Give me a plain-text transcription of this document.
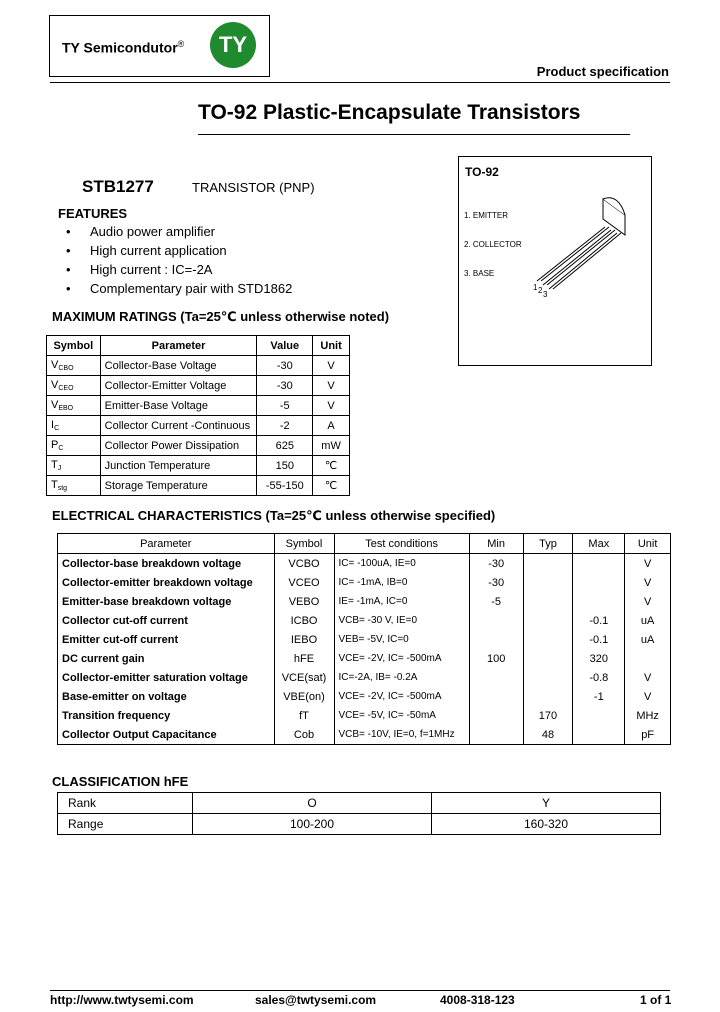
TY Semicondutor®	TY
Product specification
TO-92 Plastic-Encapsulate Transistors
STB1277	TRANSISTOR (PNP)
FEATURES
• Audio power amplifier
• High current application
• High current : IC=-2A
• Complementary pair with STD1862
TO-92
1. EMITTER
2. COLLECTOR
3. BASE
1 2 3
MAXIMUM RATINGS (Ta=25℃ unless otherwise noted)
Symbol	Parameter	Value	Unit
$V_{CBO}$	Collector-Base Voltage	-30	V
$V_{CEO}$	Collector-Emitter Voltage	-30	V
$V_{EBO}$	Emitter-Base Voltage	-5	V
$I_C$	Collector Current -Continuous	-2	A
$P_C$	Collector Power Dissipation	625	mW
$T_J$	Junction Temperature	150	℃
$T_{stg}$	Storage Temperature	-55-150	℃
ELECTRICAL CHARACTERISTICS (Ta=25℃ unless otherwise specified)
Parameter	Symbol	Test conditions	Min	Typ	Max	Unit
Collector-base breakdown voltage	VCBO	IC= -100uA, IE=0	-30			V
Collector-emitter breakdown voltage	VCEO	IC= -1mA, IB=0	-30			V
Emitter-base breakdown voltage	VEBO	IE= -1mA, IC=0	-5			V
Collector cut-off current	ICBO	VCB= -30 V, IE=0			-0.1	uA
Emitter cut-off current	IEBO	VEB= -5V, IC=0			-0.1	uA
DC current gain	hFE	VCE= -2V, IC= -500mA	100		320	
Collector-emitter saturation voltage	VCE(sat)	IC=-2A, IB= -0.2A			-0.8	V
Base-emitter on voltage	VBE(on)	VCE= -2V, IC= -500mA			-1	V
Transition frequency	fT	VCE= -5V, IC= -50mA		170		MHz
Collector Output Capacitance	Cob	VCB= -10V, IE=0, f=1MHz		48		pF
CLASSIFICATION hFE
Rank	O	Y
Range	100-200	160-320
http://www.twtysemi.com	sales@twtysemi.com	4008-318-123	1 of 1
